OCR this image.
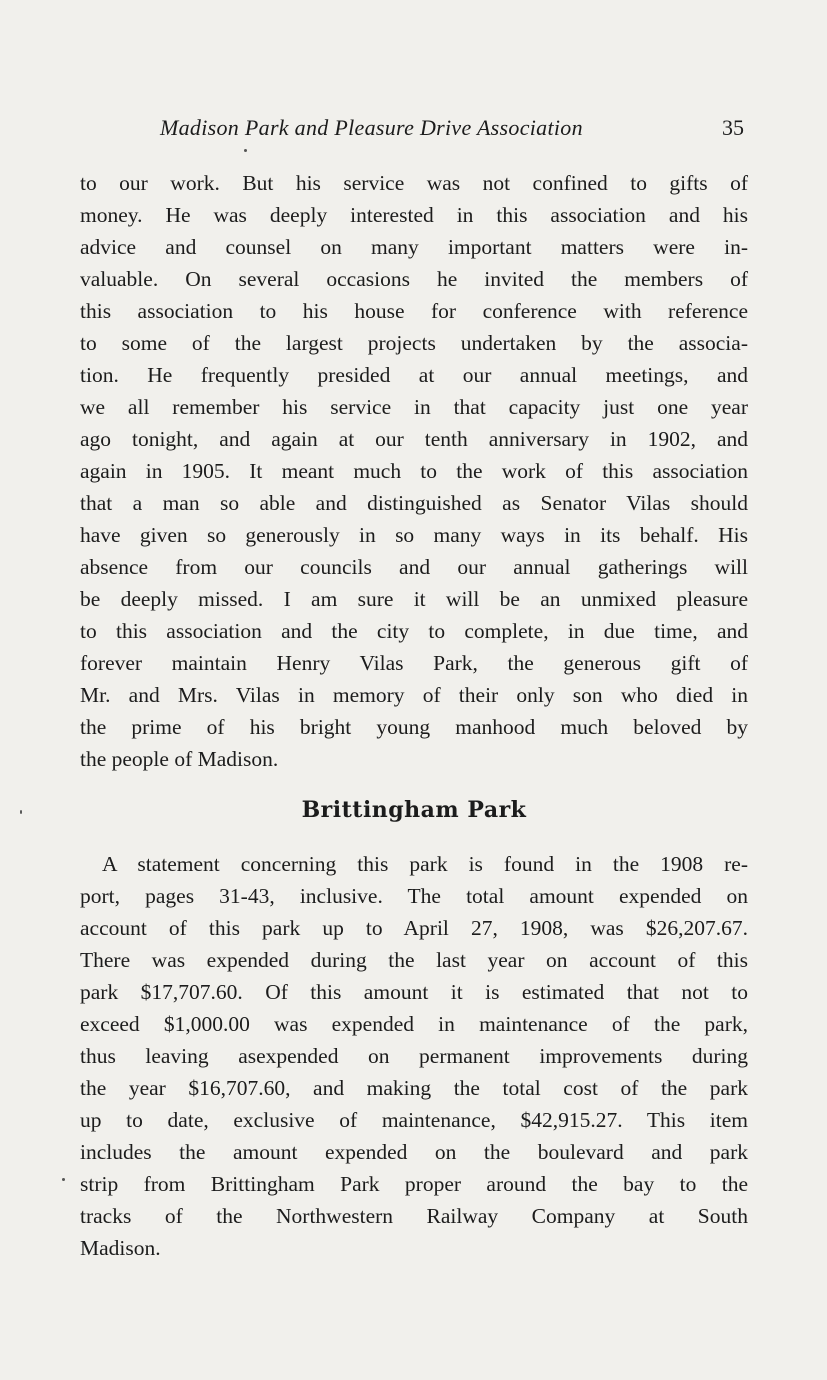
Madison Park and Pleasure Drive Association	35
to our work. But his service was not confined to gifts of
money. He was deeply interested in this association and his
advice and counsel on many important matters were in-
valuable. On several occasions he invited the members of
this association to his house for conference with reference
to some of the largest projects undertaken by the associa-
tion. He frequently presided at our annual meetings, and
we all remember his service in that capacity just one year
ago tonight, and again at our tenth anniversary in 1902, and
again in 1905. It meant much to the work of this association
that a man so able and distinguished as Senator Vilas should
have given so generously in so many ways in its behalf. His
absence from our councils and our annual gatherings will
be deeply missed. I am sure it will be an unmixed pleasure
to this association and the city to complete, in due time, and
forever maintain Henry Vilas Park, the generous gift of
Mr. and Mrs. Vilas in memory of their only son who died in
the prime of his bright young manhood much beloved by
the people of Madison.
Brittingham Park
A statement concerning this park is found in the 1908 re-
port, pages 31-43, inclusive. The total amount expended on
account of this park up to April 27, 1908, was $26,207.67.
There was expended during the last year on account of this
park $17,707.60. Of this amount it is estimated that not to
exceed $1,000.00 was expended in maintenance of the park,
thus leaving asexpended on permanent improvements during
the year $16,707.60, and making the total cost of the park
up to date, exclusive of maintenance, $42,915.27. This item
includes the amount expended on the boulevard and park
strip from Brittingham Park proper around the bay to the
tracks of the Northwestern Railway Company at South
Madison.
